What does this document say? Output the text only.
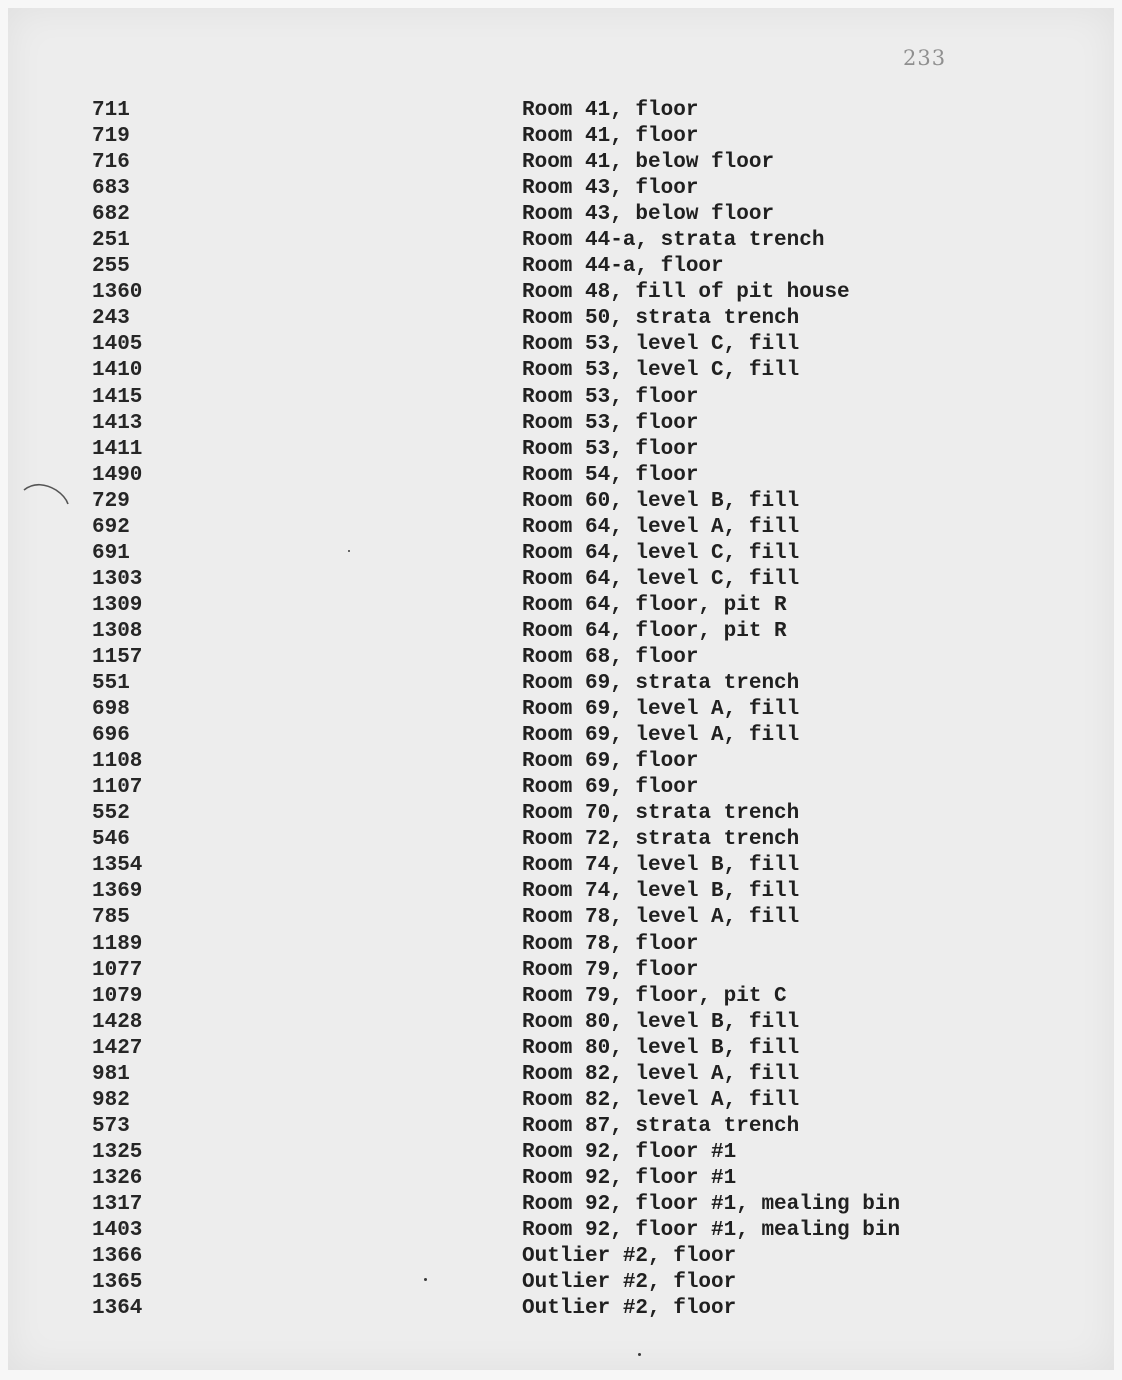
233
711	Room 41, floor
719	Room 41, floor
716	Room 41, below floor
683	Room 43, floor
682	Room 43, below floor
251	Room 44-a, strata trench
255	Room 44-a, floor
1360	Room 48, fill of pit house
243	Room 50, strata trench
1405	Room 53, level C, fill
1410	Room 53, level C, fill
1415	Room 53, floor
1413	Room 53, floor
1411	Room 53, floor
1490	Room 54, floor
729	Room 60, level B, fill
692	Room 64, level A, fill
691	Room 64, level C, fill
1303	Room 64, level C, fill
1309	Room 64, floor, pit R
1308	Room 64, floor, pit R
1157	Room 68, floor
551	Room 69, strata trench
698	Room 69, level A, fill
696	Room 69, level A, fill
1108	Room 69, floor
1107	Room 69, floor
552	Room 70, strata trench
546	Room 72, strata trench
1354	Room 74, level B, fill
1369	Room 74, level B, fill
785	Room 78, level A, fill
1189	Room 78, floor
1077	Room 79, floor
1079	Room 79, floor, pit C
1428	Room 80, level B, fill
1427	Room 80, level B, fill
981	Room 82, level A, fill
982	Room 82, level A, fill
573	Room 87, strata trench
1325	Room 92, floor #1
1326	Room 92, floor #1
1317	Room 92, floor #1, mealing bin
1403	Room 92, floor #1, mealing bin
1366	Outlier #2, floor
1365	Outlier #2, floor
1364	Outlier #2, floor
